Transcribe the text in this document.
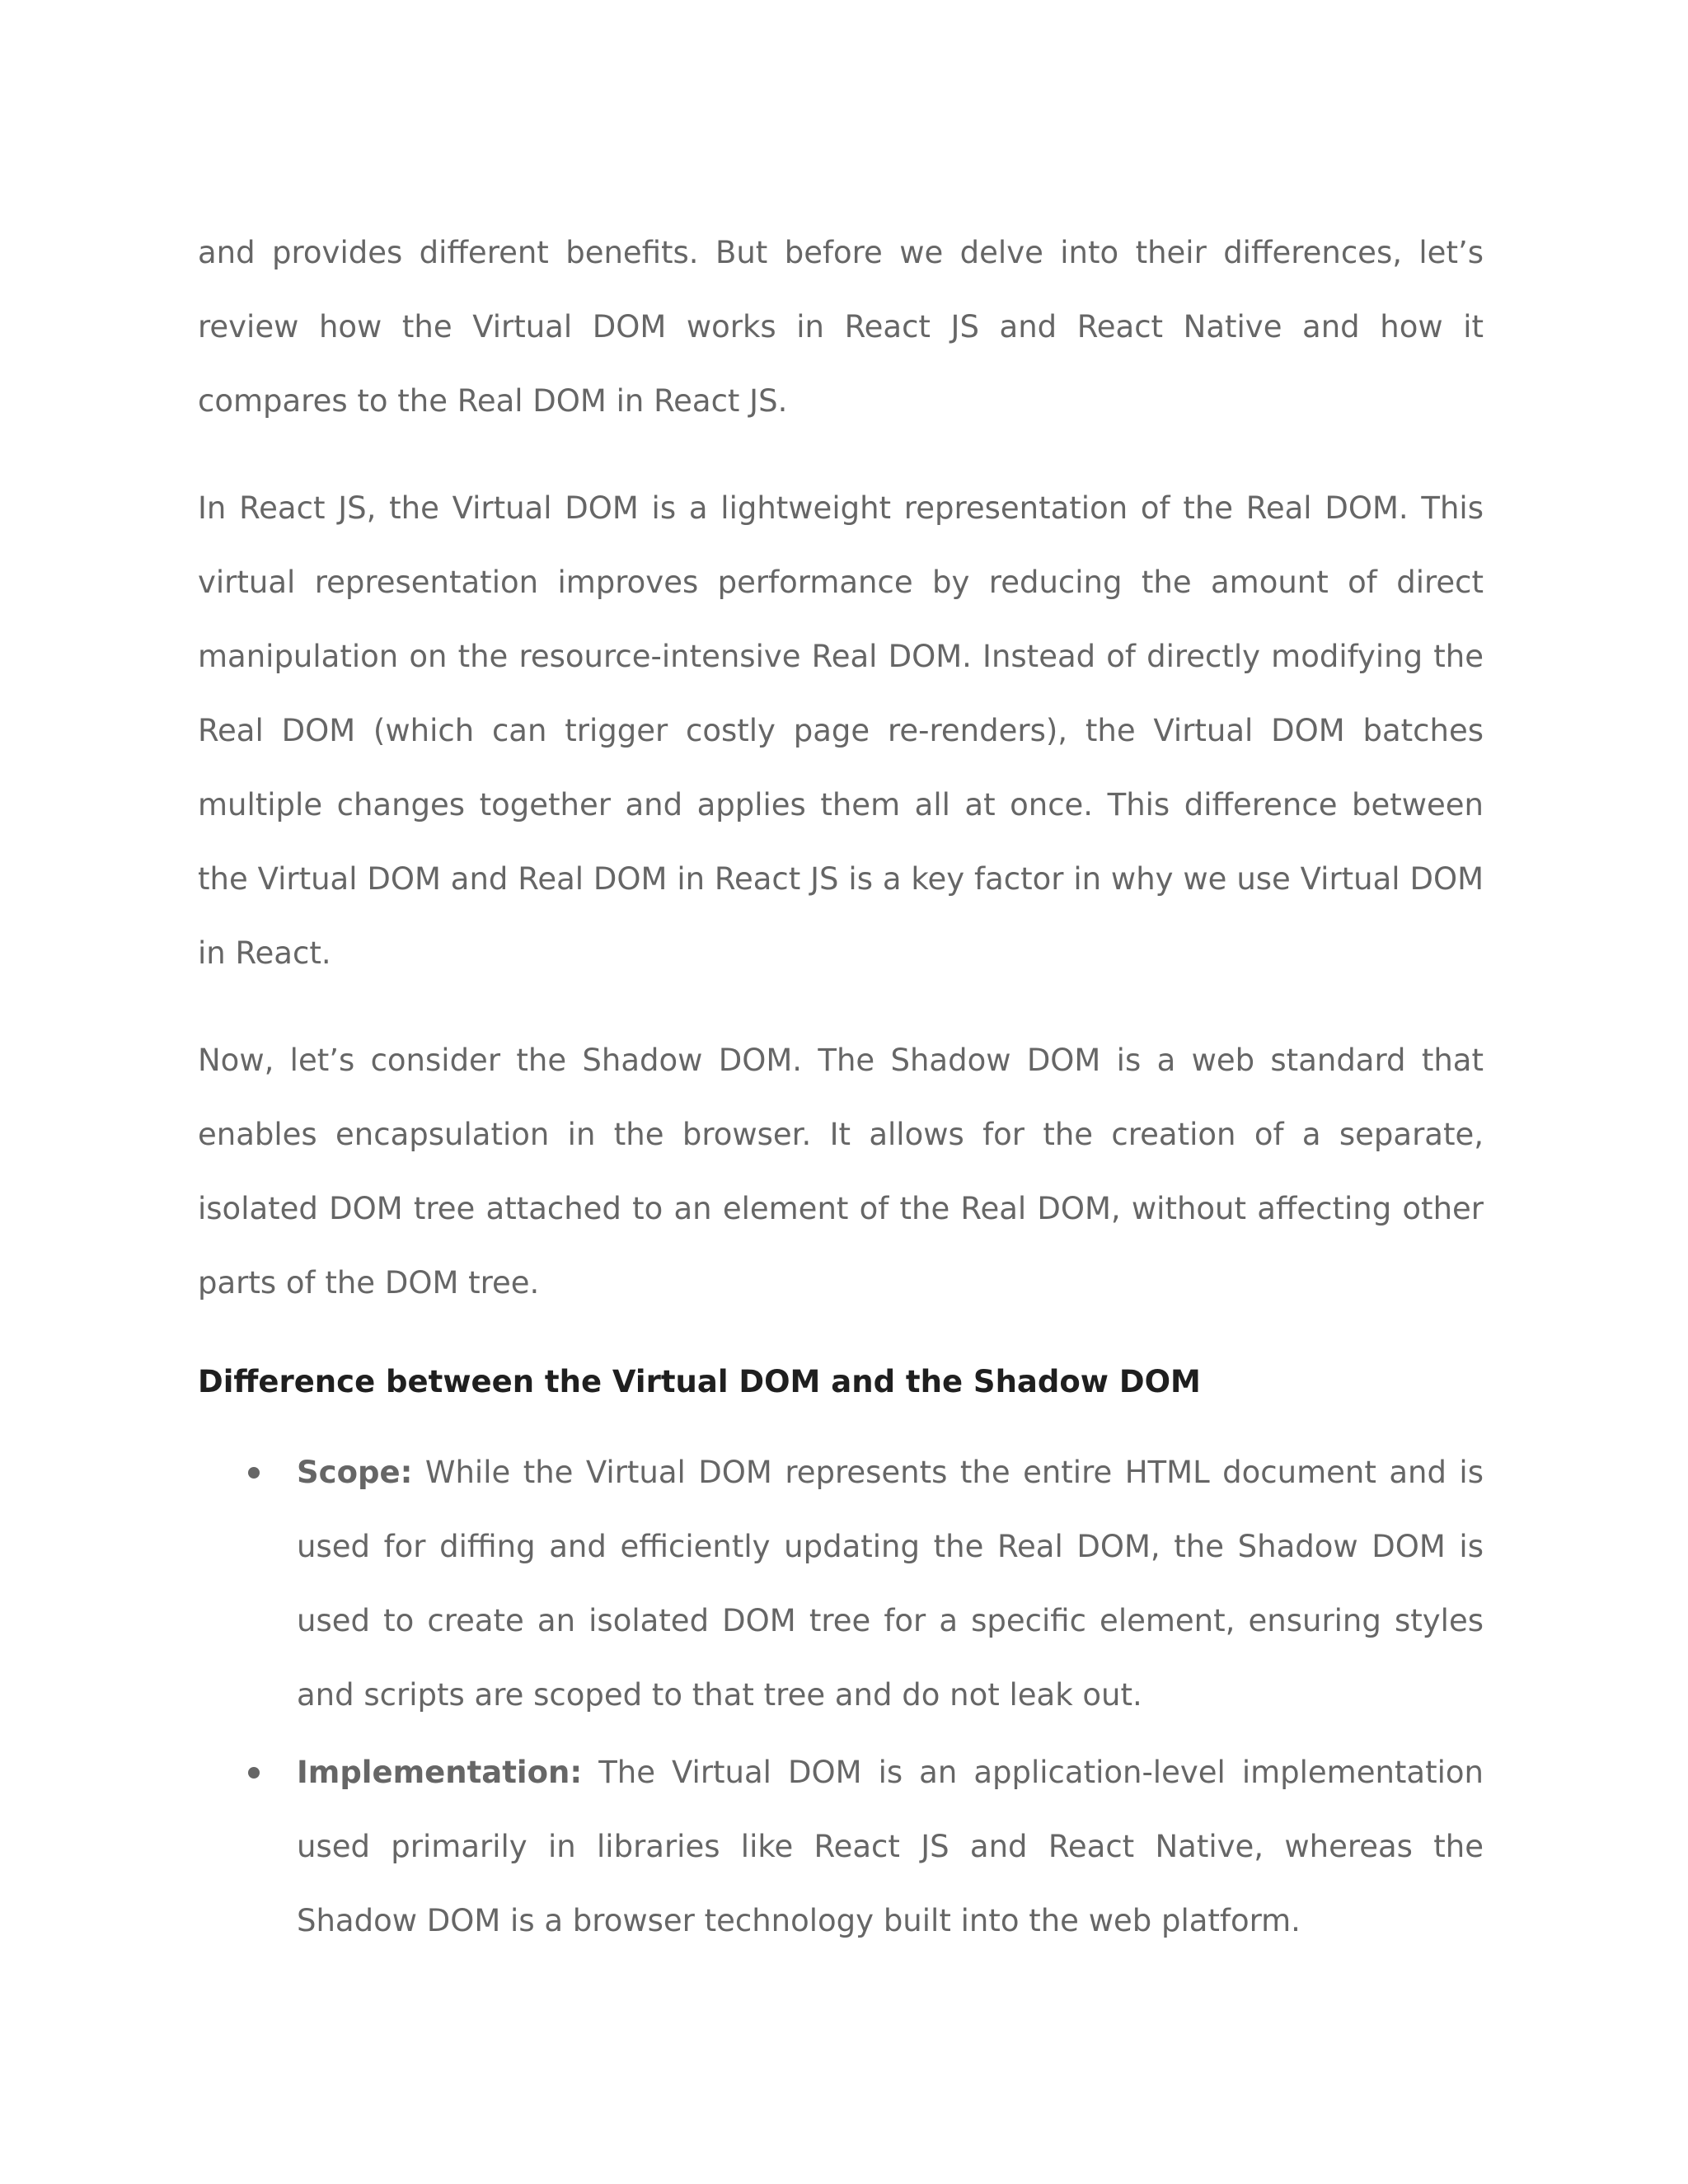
and provides different benefits. But before we delve into their differences, let’s review how the Virtual DOM works in React JS and React Native and how it compares to the Real DOM in React JS.

In React JS, the Virtual DOM is a lightweight representation of the Real DOM. This virtual representation improves performance by reducing the amount of direct manipulation on the resource-intensive Real DOM. Instead of directly modifying the Real DOM (which can trigger costly page re-renders), the Virtual DOM batches multiple changes together and applies them all at once. This difference between the Virtual DOM and Real DOM in React JS is a key factor in why we use Virtual DOM in React.

Now, let’s consider the Shadow DOM. The Shadow DOM is a web standard that enables encapsulation in the browser. It allows for the creation of a separate, isolated DOM tree attached to an element of the Real DOM, without affecting other parts of the DOM tree.

Difference between the Virtual DOM and the Shadow DOM
Scope: While the Virtual DOM represents the entire HTML document and is used for diffing and efficiently updating the Real DOM, the Shadow DOM is used to create an isolated DOM tree for a specific element, ensuring styles and scripts are scoped to that tree and do not leak out.
Implementation: The Virtual DOM is an application-level implementation used primarily in libraries like React JS and React Native, whereas the Shadow DOM is a browser technology built into the web platform.
